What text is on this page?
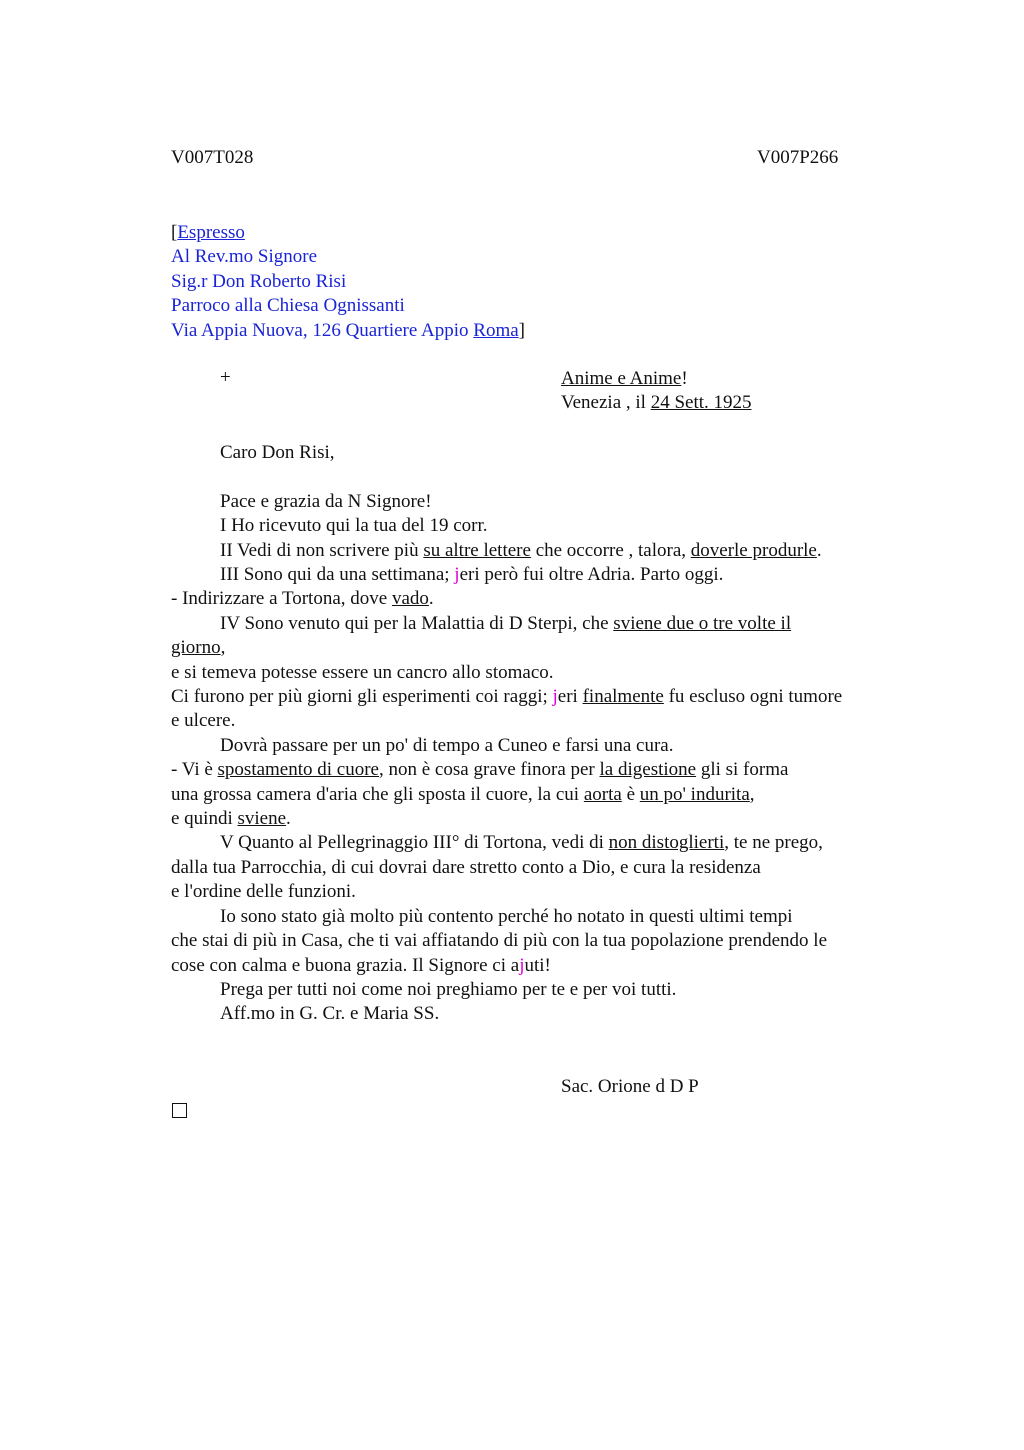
V007T028	V007P266
[Espresso
Al Rev.mo Signore
Sig.r Don Roberto Risi
Parroco alla Chiesa Ognissanti
Via Appia Nuova, 126 Quartiere Appio Roma]
+	Anime e Anime!
Venezia , il 24 Sett. 1925
Caro Don Risi,
Pace e grazia da N Signore!
I Ho ricevuto qui la tua del 19 corr.
II Vedi di non scrivere più su altre lettere che occorre , talora, doverle produrle.
III Sono qui da una settimana; jeri però fui oltre Adria. Parto oggi.
- Indirizzare a Tortona, dove vado.
IV Sono venuto qui per la Malattia di D Sterpi, che sviene due o tre volte il
giorno,
e si temeva potesse essere un cancro allo stomaco.
Ci furono per più giorni gli esperimenti coi raggi; jeri finalmente fu escluso ogni tumore
e ulcere.
Dovrà passare per un po' di tempo a Cuneo e farsi una cura.
- Vi è spostamento di cuore, non è cosa grave finora per la digestione gli si forma
una grossa camera d'aria che gli sposta il cuore, la cui aorta è un po' indurita,
e quindi sviene.
V Quanto al Pellegrinaggio III° di Tortona, vedi di non distoglierti, te ne prego,
dalla tua Parrocchia, di cui dovrai dare stretto conto a Dio, e cura la residenza
e l'ordine delle funzioni.
Io sono stato già molto più contento perché ho notato in questi ultimi tempi
che stai di più in Casa, che ti vai affiatando di più con la tua popolazione prendendo le
cose con calma e buona grazia. Il Signore ci ajuti!
Prega per tutti noi come noi preghiamo per te e per voi tutti.
Aff.mo in G. Cr. e Maria SS.
Sac. Orione d D P
